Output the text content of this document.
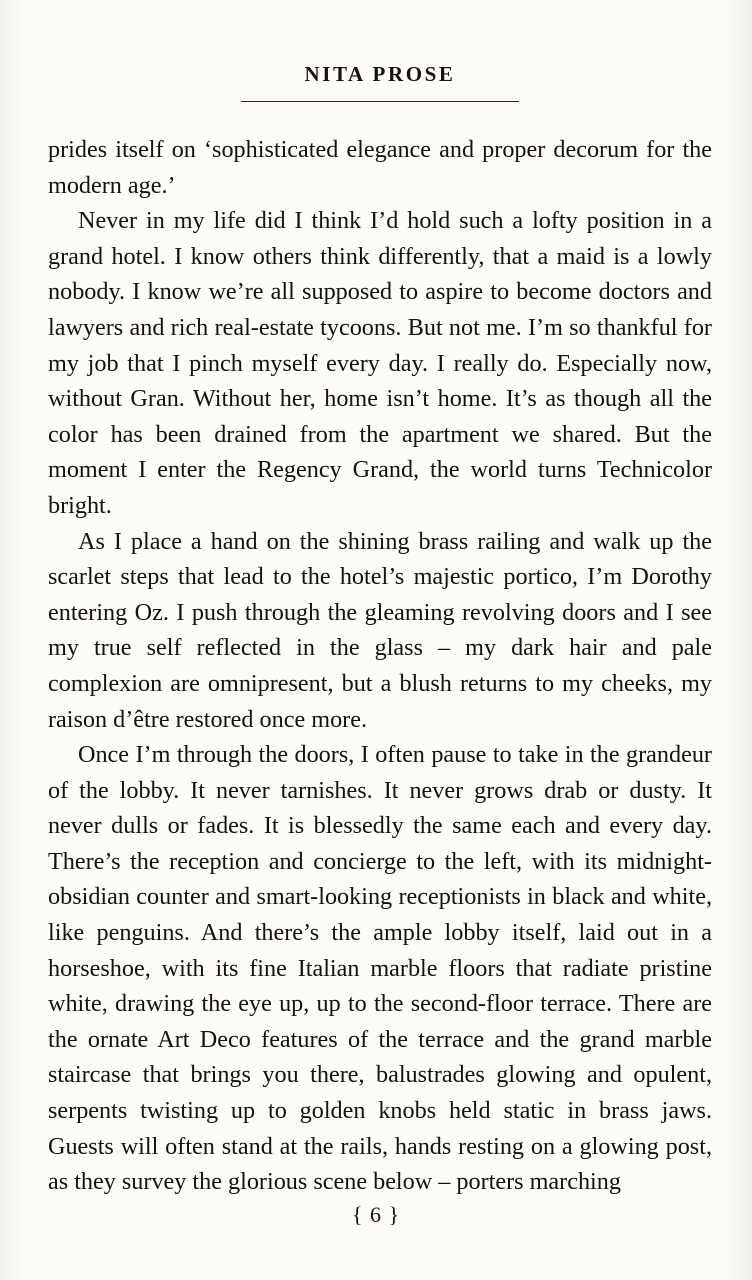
NITA PROSE

prides itself on ‘sophisticated elegance and proper decorum for the modern age.’

Never in my life did I think I’d hold such a lofty position in a grand hotel. I know others think differently, that a maid is a lowly nobody. I know we’re all supposed to aspire to become doctors and lawyers and rich real-estate tycoons. But not me. I’m so thankful for my job that I pinch myself every day. I really do. Especially now, without Gran. Without her, home isn’t home. It’s as though all the color has been drained from the apartment we shared. But the moment I enter the Regency Grand, the world turns Technicolor bright.

As I place a hand on the shining brass railing and walk up the scarlet steps that lead to the hotel’s majestic portico, I’m Dorothy entering Oz. I push through the gleaming revolving doors and I see my true self reflected in the glass – my dark hair and pale complexion are omnipresent, but a blush returns to my cheeks, my raison d’être restored once more.

Once I’m through the doors, I often pause to take in the grandeur of the lobby. It never tarnishes. It never grows drab or dusty. It never dulls or fades. It is blessedly the same each and every day. There’s the reception and concierge to the left, with its midnight-obsidian counter and smart-looking receptionists in black and white, like penguins. And there’s the ample lobby itself, laid out in a horseshoe, with its fine Italian marble floors that radiate pristine white, drawing the eye up, up to the second-floor terrace. There are the ornate Art Deco features of the terrace and the grand marble staircase that brings you there, balustrades glowing and opulent, serpents twisting up to golden knobs held static in brass jaws. Guests will often stand at the rails, hands resting on a glowing post, as they survey the glorious scene below – porters marching

{ 6 }
